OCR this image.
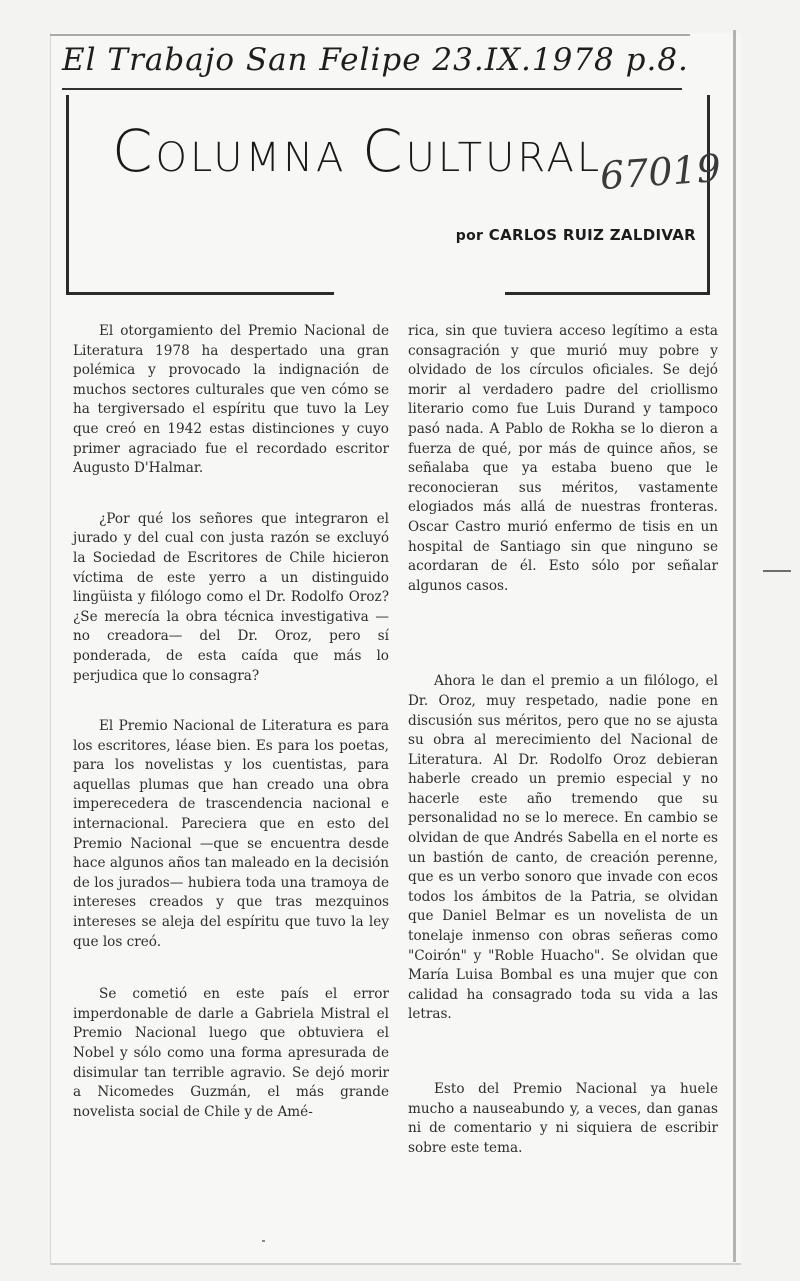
El Trabajo San Felipe 23.IX.1978 p.8.
COLUMNA CULTURAL
67019
por CARLOS RUIZ ZALDIVAR

El otorgamiento del Premio Nacional de Literatura 1978 ha despertado una gran polémica y provocado la indignación de muchos sectores culturales que ven cómo se ha tergiversado el espíritu que tuvo la Ley que creó en 1942 estas distinciones y cuyo primer agraciado fue el recordado escritor Augusto D'Halmar.

¿Por qué los señores que integraron el jurado y del cual con justa razón se excluyó la Sociedad de Escritores de Chile hicieron víctima de este yerro a un distinguido lingüista y filólogo como el Dr. Rodolfo Oroz? ¿Se merecía la obra técnica investigativa —no creadora— del Dr. Oroz, pero sí ponderada, de esta caída que más lo perjudica que lo consagra?

El Premio Nacional de Literatura es para los escritores, léase bien. Es para los poetas, para los novelistas y los cuentistas, para aquellas plumas que han creado una obra imperecedera de trascendencia nacional e internacional. Pareciera que en esto del Premio Nacional —que se encuentra desde hace algunos años tan maleado en la decisión de los jurados— hubiera toda una tramoya de intereses creados y que tras mezquinos intereses se aleja del espíritu que tuvo la ley que los creó.

Se cometió en este país el error imperdonable de darle a Gabriela Mistral el Premio Nacional luego que obtuviera el Nobel y sólo como una forma apresurada de disimular tan terrible agravio. Se dejó morir a Nicomedes Guzmán, el más grande novelista social de Chile y de Amé-

rica, sin que tuviera acceso legítimo a esta consagración y que murió muy pobre y olvidado de los círculos oficiales. Se dejó morir al verdadero padre del criollismo literario como fue Luis Durand y tampoco pasó nada. A Pablo de Rokha se lo dieron a fuerza de qué, por más de quince años, se señalaba que ya estaba bueno que le reconocieran sus méritos, vastamente elogiados más allá de nuestras fronteras. Oscar Castro murió enfermo de tisis en un hospital de Santiago sin que ninguno se acordaran de él. Esto sólo por señalar algunos casos.

Ahora le dan el premio a un filólogo, el Dr. Oroz, muy respetado, nadie pone en discusión sus méritos, pero que no se ajusta su obra al merecimiento del Nacional de Literatura. Al Dr. Rodolfo Oroz debieran haberle creado un premio especial y no hacerle este año tremendo que su personalidad no se lo merece. En cambio se olvidan de que Andrés Sabella en el norte es un bastión de canto, de creación perenne, que es un verbo sonoro que invade con ecos todos los ámbitos de la Patria, se olvidan que Daniel Belmar es un novelista de un tonelaje inmenso con obras señeras como "Coirón" y "Roble Huacho". Se olvidan que María Luisa Bombal es una mujer que con calidad ha consagrado toda su vida a las letras.

Esto del Premio Nacional ya huele mucho a nauseabundo y, a veces, dan ganas ni de comentario y ni siquiera de escribir sobre este tema.
